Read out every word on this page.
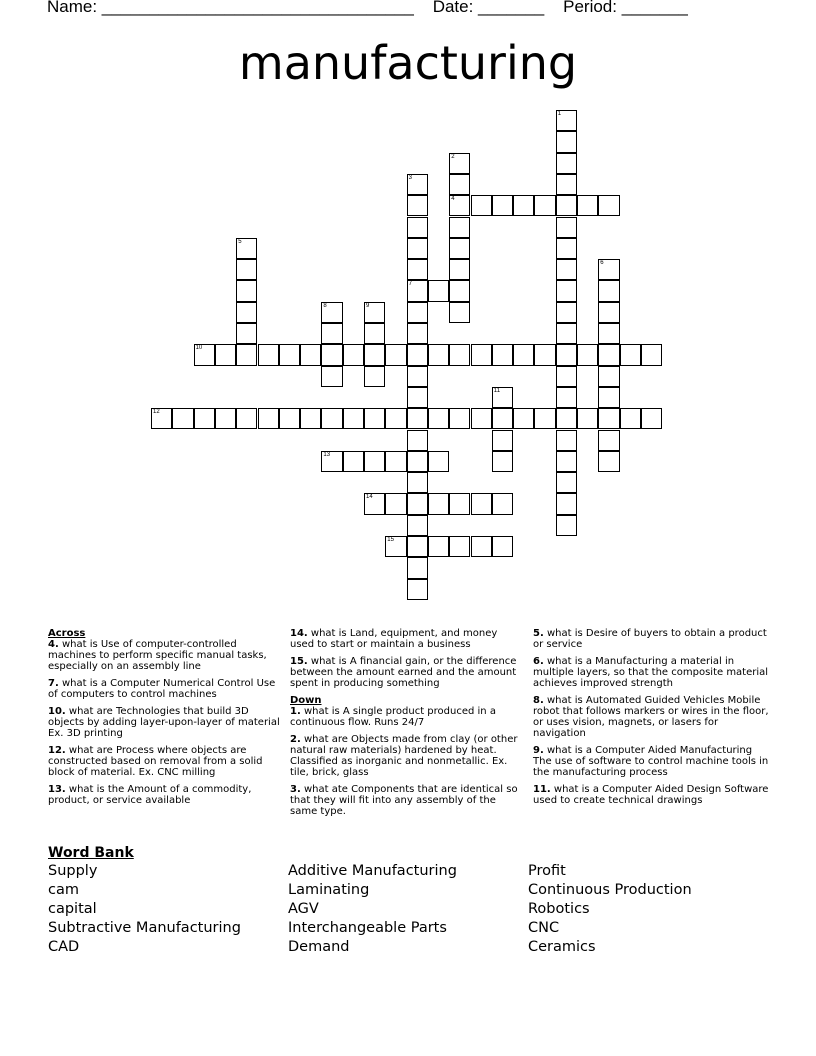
Name: _________________________________    Date: _______    Period: _______
manufacturing
1
2
4
3
7
5
6
8	9
10
11
12
13
14
15
Across
4. what is Use of computer-controlled machines to perform specific manual tasks, especially on an assembly line
7. what is a Computer Numerical Control Use of computers to control machines
10. what are Technologies that build 3D objects by adding layer-upon-layer of material Ex. 3D printing
12. what are Process where objects are constructed based on removal from a solid block of material. Ex. CNC milling
13. what is the Amount of a commodity, product, or service available
14. what is Land, equipment, and money used to start or maintain a business
15. what is A financial gain, or the difference between the amount earned and the amount spent in producing something
Down
1. what is A single product produced in a continuous flow. Runs 24/7
2. what are Objects made from clay (or other natural raw materials) hardened by heat. Classified as inorganic and nonmetallic. Ex. tile, brick, glass
3. what ate Components that are identical so that they will fit into any assembly of the same type.
5. what is Desire of buyers to obtain a product or service
6. what is a Manufacturing a material in multiple layers, so that the composite material achieves improved strength
8. what is Automated Guided Vehicles Mobile robot that follows markers or wires in the floor, or uses vision, magnets, or lasers for navigation
9. what is a Computer Aided Manufacturing The use of software to control machine tools in the manufacturing process
11. what is a Computer Aided Design Software used to create technical drawings
Word Bank
Supply
cam
capital
Subtractive Manufacturing
CAD
Additive Manufacturing
Laminating
AGV
Interchangeable Parts
Demand
Profit
Continuous Production
Robotics
CNC
Ceramics
